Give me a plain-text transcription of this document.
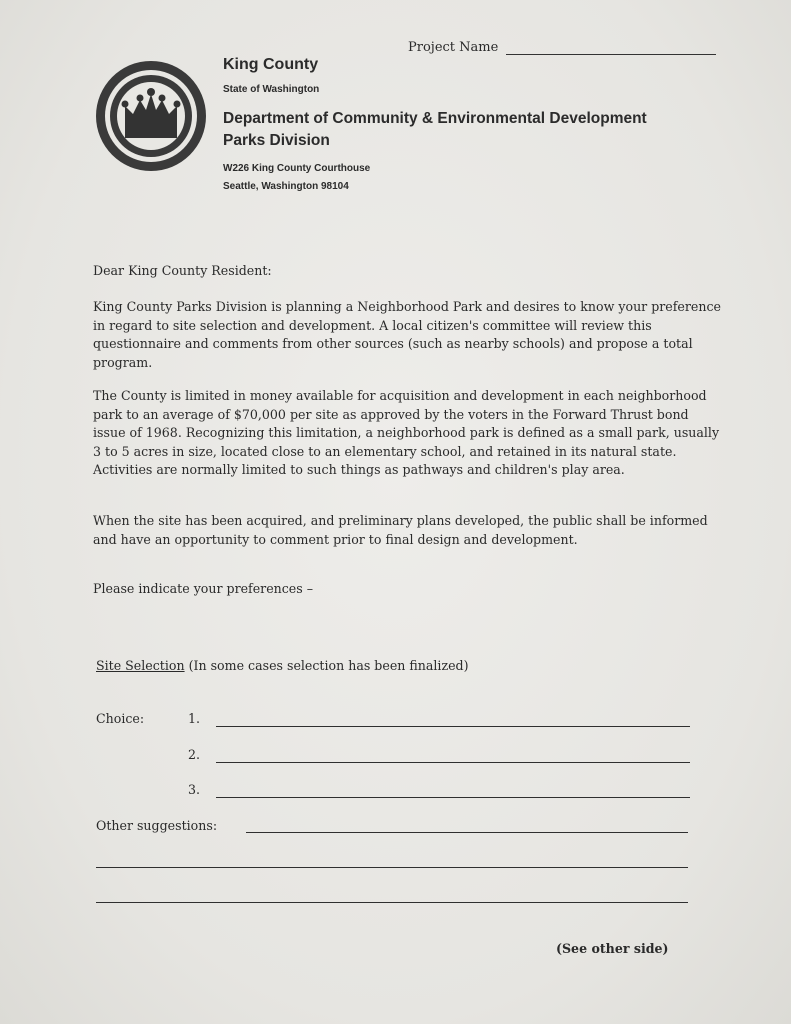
Project Name
King County
State of Washington
Department of Community & Environmental Development
Parks Division
W226 King County Courthouse
Seattle, Washington 98104
Dear King County Resident:
King County Parks Division is planning a Neighborhood Park and desires to know your preference in regard to site selection and development. A local citizen's committee will review this questionnaire and comments from other sources (such as nearby schools) and propose a total program.
The County is limited in money available for acquisition and development in each neighborhood park to an average of $70,000 per site as approved by the voters in the Forward Thrust bond issue of 1968. Recognizing this limitation, a neighborhood park is defined as a small park, usually 3 to 5 acres in size, located close to an elementary school, and retained in its natural state. Activities are normally limited to such things as pathways and children's play area.
When the site has been acquired, and preliminary plans developed, the public shall be informed and have an opportunity to comment prior to final design and development.
Please indicate your preferences –
Site Selection (In some cases selection has been finalized)
Choice:	1.
2.
3.
Other suggestions:
(See other side)
